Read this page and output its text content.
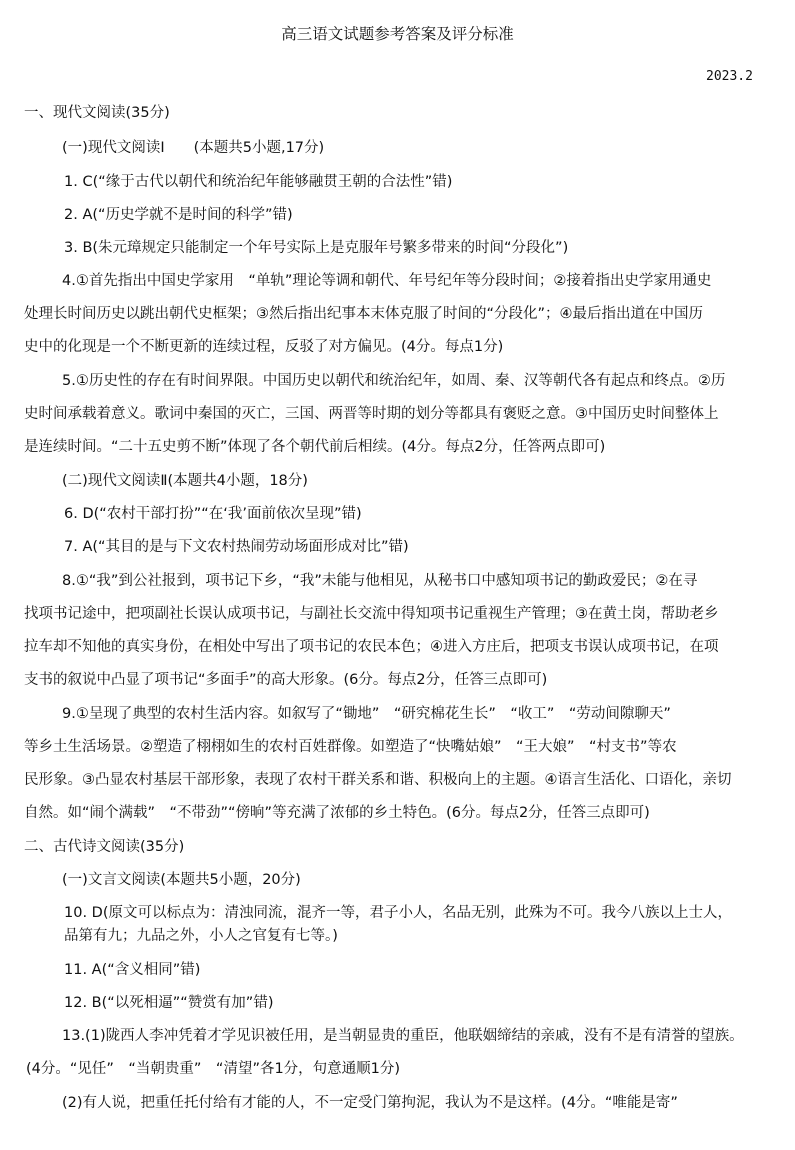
高三语文试题参考答案及评分标准
2023.2
一、现代文阅读(35分)
(一)现代文阅读Ⅰ　　(本题共5小题,17分)
1. C(“缘于古代以朝代和统治纪年能够融贯王朝的合法性”错)
2. A(“历史学就不是时间的科学”错)
3. B(朱元璋规定只能制定一个年号实际上是克服年号繁多带来的时间“分段化”)
4.①首先指出中国史学家用　“单轨”理论等调和朝代、年号纪年等分段时间；②接着指出史学家用通史
处理长时间历史以跳出朝代史框架；③然后指出纪事本末体克服了时间的“分段化”；④最后指出道在中国历
史中的化现是一个不断更新的连续过程，反驳了对方偏见。(4分。每点1分)
5.①历史性的存在有时间界限。中国历史以朝代和统治纪年，如周、秦、汉等朝代各有起点和终点。②历
史时间承载着意义。歌词中秦国的灭亡，三国、两晋等时期的划分等都具有褒贬之意。③中国历史时间整体上
是连续时间。“二十五史剪不断”体现了各个朝代前后相续。(4分。每点2分，任答两点即可)
(二)现代文阅读Ⅱ(本题共4小题，18分)
6. D(“农村干部打扮”“在‘我’面前依次呈现”错)
7. A(“其目的是与下文农村热闹劳动场面形成对比”错)
8.①“我”到公社报到，项书记下乡，“我”未能与他相见，从秘书口中感知项书记的勤政爱民；②在寻
找项书记途中，把项副社长误认成项书记，与副社长交流中得知项书记重视生产管理；③在黄土岗，帮助老乡
拉车却不知他的真实身份，在相处中写出了项书记的农民本色；④进入方庄后，把项支书误认成项书记，在项
支书的叙说中凸显了项书记“多面手”的高大形象。(6分。每点2分，任答三点即可)
9.①呈现了典型的农村生活内容。如叙写了“锄地”　“研究棉花生长”　“收工”　“劳动间隙聊天”
等乡土生活场景。②塑造了栩栩如生的农村百姓群像。如塑造了“快嘴姑娘”　“王大娘”　“村支书”等农
民形象。③凸显农村基层干部形象，表现了农村干群关系和谐、积极向上的主题。④语言生活化、口语化，亲切
自然。如“闹个满载”　“不带劲”“傍晌”等充满了浓郁的乡土特色。(6分。每点2分，任答三点即可)
二、古代诗文阅读(35分)
(一)文言文阅读(本题共5小题，20分)
10. D(原文可以标点为：清浊同流，混齐一等，君子小人，名品无别，此殊为不可。我今八族以上士人，
品第有九；九品之外，小人之官复有七等。)
11. A(“含义相同”错)
12. B(“以死相逼”“赞赏有加”错)
13.(1)陇西人李冲凭着才学见识被任用，是当朝显贵的重臣，他联姻缔结的亲戚，没有不是有清誉的望族。
(4分。“见任”　“当朝贵重”　“清望”各1分，句意通顺1分)
(2)有人说，把重任托付给有才能的人，不一定受门第拘泥，我认为不是这样。(4分。“唯能是寄”
